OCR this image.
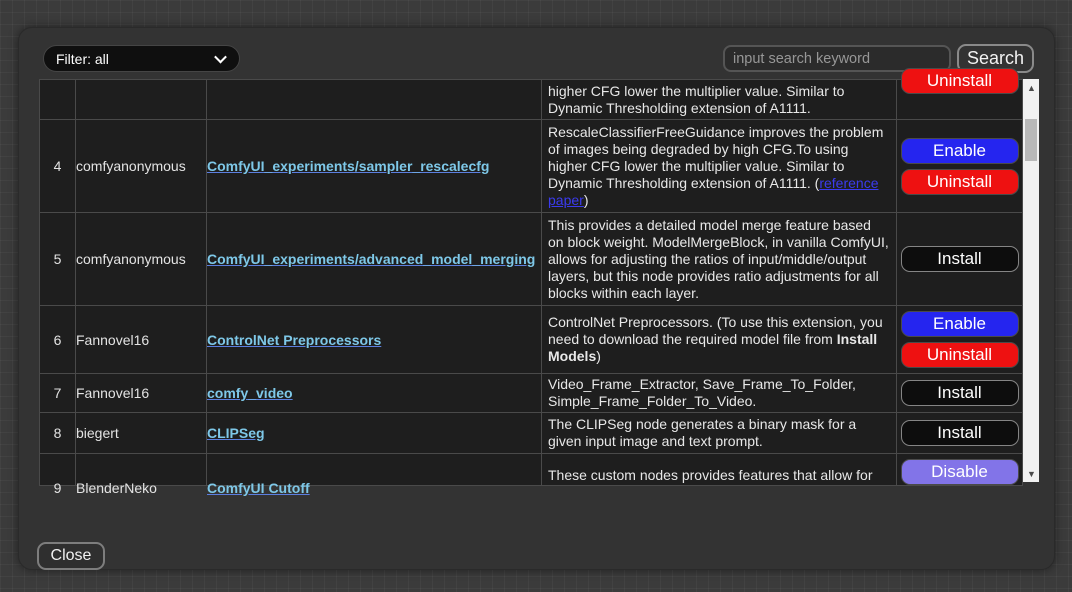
Filter: all
input search keyword	Search

			higher CFG lower the multiplier value. Similar to Dynamic Thresholding extension of A1111.	Uninstall

4	comfyanonymous	ComfyUI_experiments/sampler_rescalecfg	RescaleClassifierFreeGuidance improves the problem of images being degraded by high CFG.To using higher CFG lower the multiplier value. Similar to Dynamic Thresholding extension of A1111. (reference paper)	Enable
Uninstall

5	comfyanonymous	ComfyUI_experiments/advanced_model_merging	This provides a detailed model merge feature based on block weight. ModelMergeBlock, in vanilla ComfyUI, allows for adjusting the ratios of input/middle/output layers, but this node provides ratio adjustments for all blocks within each layer.	Install

6	Fannovel16	ControlNet Preprocessors	ControlNet Preprocessors. (To use this extension, you need to download the required model file from Install Models)	Enable
Uninstall

7	Fannovel16	comfy_video	Video_Frame_Extractor, Save_Frame_To_Folder, Simple_Frame_Folder_To_Video.	Install

8	biegert	CLIPSeg	The CLIPSeg node generates a binary mask for a given input image and text prompt.	Install

9	BlenderNeko	ComfyUI Cutoff	These custom nodes provides features that allow for	Disable
▲
▼
Close
